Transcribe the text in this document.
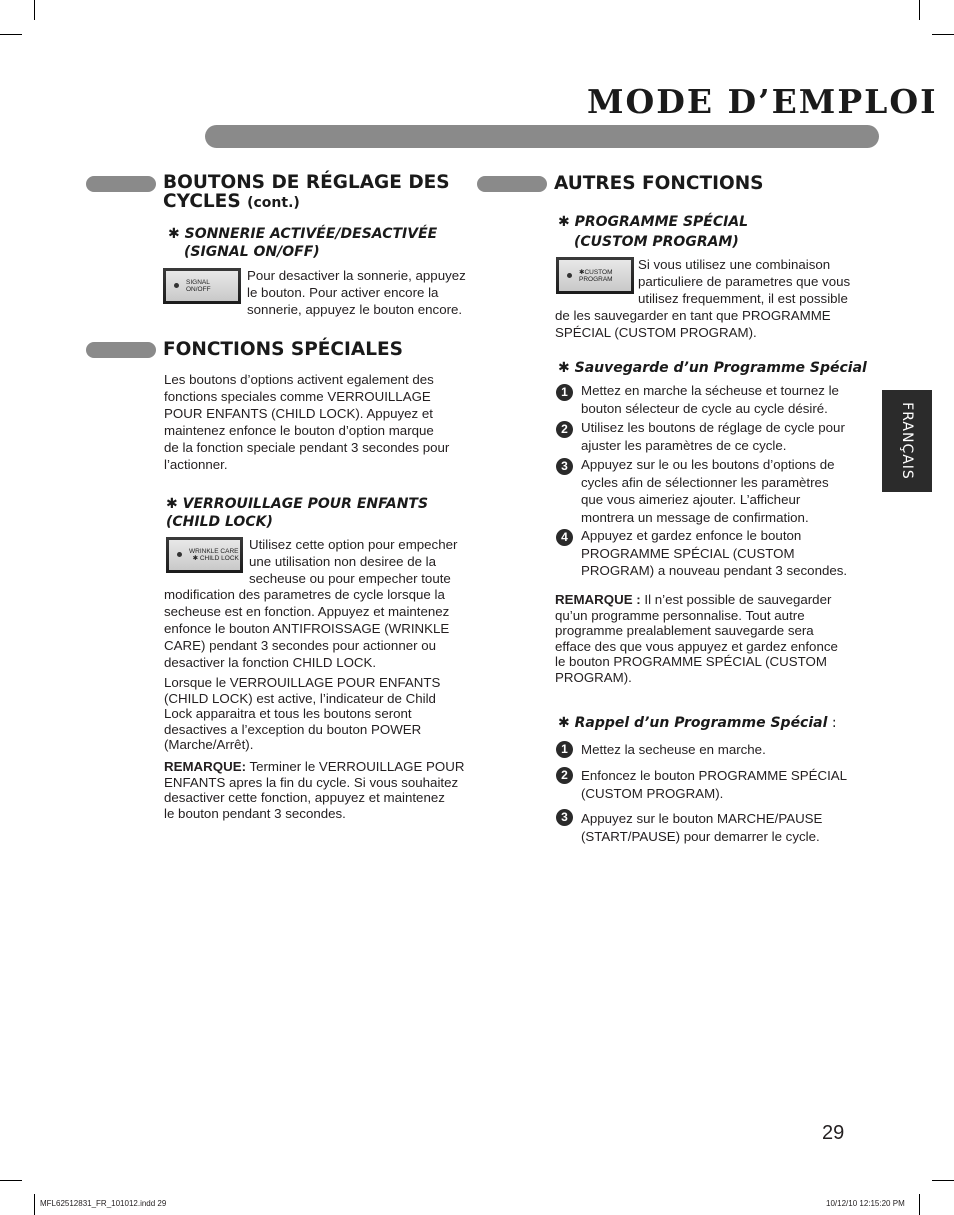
MODE D’EMPLOI
BOUTONS DE RÉGLAGE DES
CYCLES (cont.)
✱ SONNERIE ACTIVÉE/DESACTIVÉE
(SIGNAL ON/OFF)
SIGNAL
ON/OFF
Pour desactiver la sonnerie, appuyez
le bouton. Pour activer encore la
sonnerie, appuyez le bouton encore.
FONCTIONS SPÉCIALES
Les boutons d’options activent egalement des
fonctions speciales comme VERROUILLAGE
POUR ENFANTS (CHILD LOCK). Appuyez et
maintenez enfonce le bouton d’option marque
de la fonction speciale pendant 3 secondes pour
l’actionner.
✱ VERROUILLAGE POUR ENFANTS
(CHILD LOCK)
WRINKLE CARE
✱ CHILD LOCK
Utilisez cette option pour empecher
une utilisation non desiree de la
secheuse ou pour empecher toute
modification des parametres de cycle lorsque la
secheuse est en fonction. Appuyez et maintenez
enfonce le bouton ANTIFROISSAGE (WRINKLE
CARE) pendant 3 secondes pour actionner ou
desactiver la fonction CHILD LOCK.
Lorsque le VERROUILLAGE POUR ENFANTS
(CHILD LOCK) est active, l’indicateur de Child
Lock apparaitra et tous les boutons seront
desactives a l’exception du bouton POWER
(Marche/Arrêt).
REMARQUE: Terminer le VERROUILLAGE POUR
ENFANTS apres la fin du cycle. Si vous souhaitez
desactiver cette fonction, appuyez et maintenez
le bouton pendant 3 secondes.
AUTRES FONCTIONS
✱ PROGRAMME SPÉCIAL
(CUSTOM PROGRAM)
✱CUSTOM
PROGRAM
Si vous utilisez une combinaison
particuliere de parametres que vous
utilisez frequemment, il est possible
de les sauvegarder en tant que PROGRAMME
SPÉCIAL (CUSTOM PROGRAM).
✱ Sauvegarde d’un Programme Spécial
1 Mettez en marche la sécheuse et tournez le
bouton sélecteur de cycle au cycle désiré.
2 Utilisez les boutons de réglage de cycle pour
ajuster les paramètres de ce cycle.
3 Appuyez sur le ou les boutons d’options de
cycles afin de sélectionner les paramètres
que vous aimeriez ajouter. L’afficheur
montrera un message de confirmation.
4 Appuyez et gardez enfonce le bouton
PROGRAMME SPÉCIAL (CUSTOM
PROGRAM) a nouveau pendant 3 secondes.
REMARQUE : Il n’est possible de sauvegarder
qu’un programme personnalise. Tout autre
programme prealablement sauvegarde sera
efface des que vous appuyez et gardez enfonce
le bouton PROGRAMME SPÉCIAL (CUSTOM
PROGRAM).
✱ Rappel d’un Programme Spécial :
1 Mettez la secheuse en marche.
2 Enfoncez le bouton PROGRAMME SPÉCIAL
(CUSTOM PROGRAM).
3 Appuyez sur le bouton MARCHE/PAUSE
(START/PAUSE) pour demarrer le cycle.
FRANÇAIS
29
MFL62512831_FR_101012.indd 29	10/12/10 12:15:20 PM
